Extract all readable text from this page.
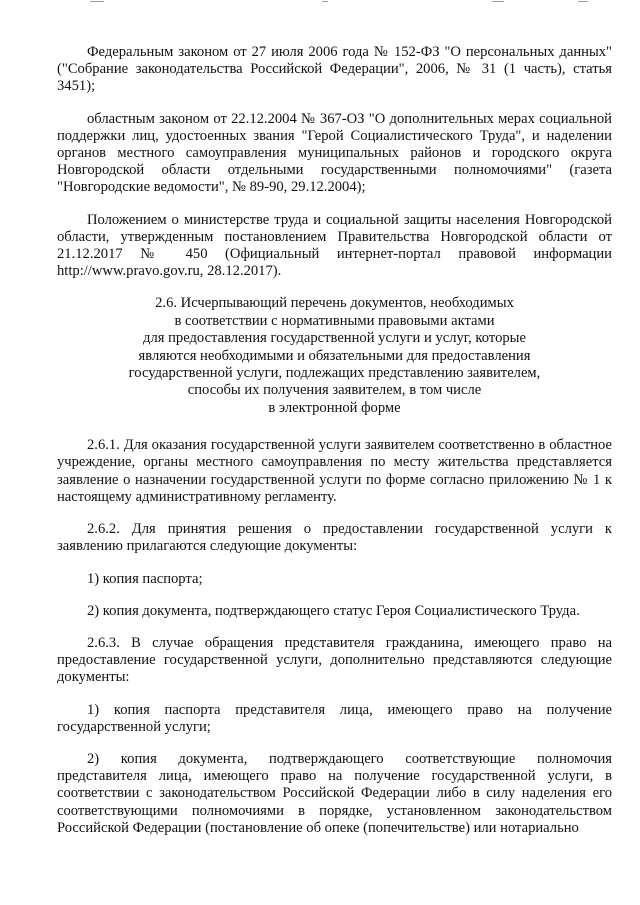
Федеральным законом от 27 июля 2006 года № 152-ФЗ "О персональных данных" ("Собрание законодательства Российской Федерации", 2006, № 31 (1 часть), статья 3451);

областным законом от 22.12.2004 № 367-ОЗ "О дополнительных мерах социальной поддержки лиц, удостоенных звания "Герой Социалистического Труда", и наделении органов местного самоуправления муниципальных районов и городского округа Новгородской области отдельными государственными полномочиями" (газета "Новгородские ведомости", № 89-90, 29.12.2004);

Положением о министерстве труда и социальной защиты населения Новгородской области, утвержденным постановлением Правительства Новгородской области от 21.12.2017 № 450 (Официальный интернет-портал правовой информации http://www.pravo.gov.ru, 28.12.2017).

2.6. Исчерпывающий перечень документов, необходимых
в соответствии с нормативными правовыми актами
для предоставления государственной услуги и услуг, которые
являются необходимыми и обязательными для предоставления
государственной услуги, подлежащих представлению заявителем,
способы их получения заявителем, в том числе
в электронной форме

2.6.1. Для оказания государственной услуги заявителем соответственно в областное учреждение, органы местного самоуправления по месту жительства представляется заявление о назначении государственной услуги по форме согласно приложению № 1 к настоящему административному регламенту.

2.6.2. Для принятия решения о предоставлении государственной услуги к заявлению прилагаются следующие документы:

1) копия паспорта;

2) копия документа, подтверждающего статус Героя Социалистического Труда.

2.6.3. В случае обращения представителя гражданина, имеющего право на предоставление государственной услуги, дополнительно представляются следующие документы:

1) копия паспорта представителя лица, имеющего право на получение государственной услуги;

2) копия документа, подтверждающего соответствующие полномочия представителя лица, имеющего право на получение государственной услуги, в соответствии с законодательством Российской Федерации либо в силу наделения его соответствующими полномочиями в порядке, установленном законодательством Российской Федерации (постановление об опеке (попечительстве) или нотариально
